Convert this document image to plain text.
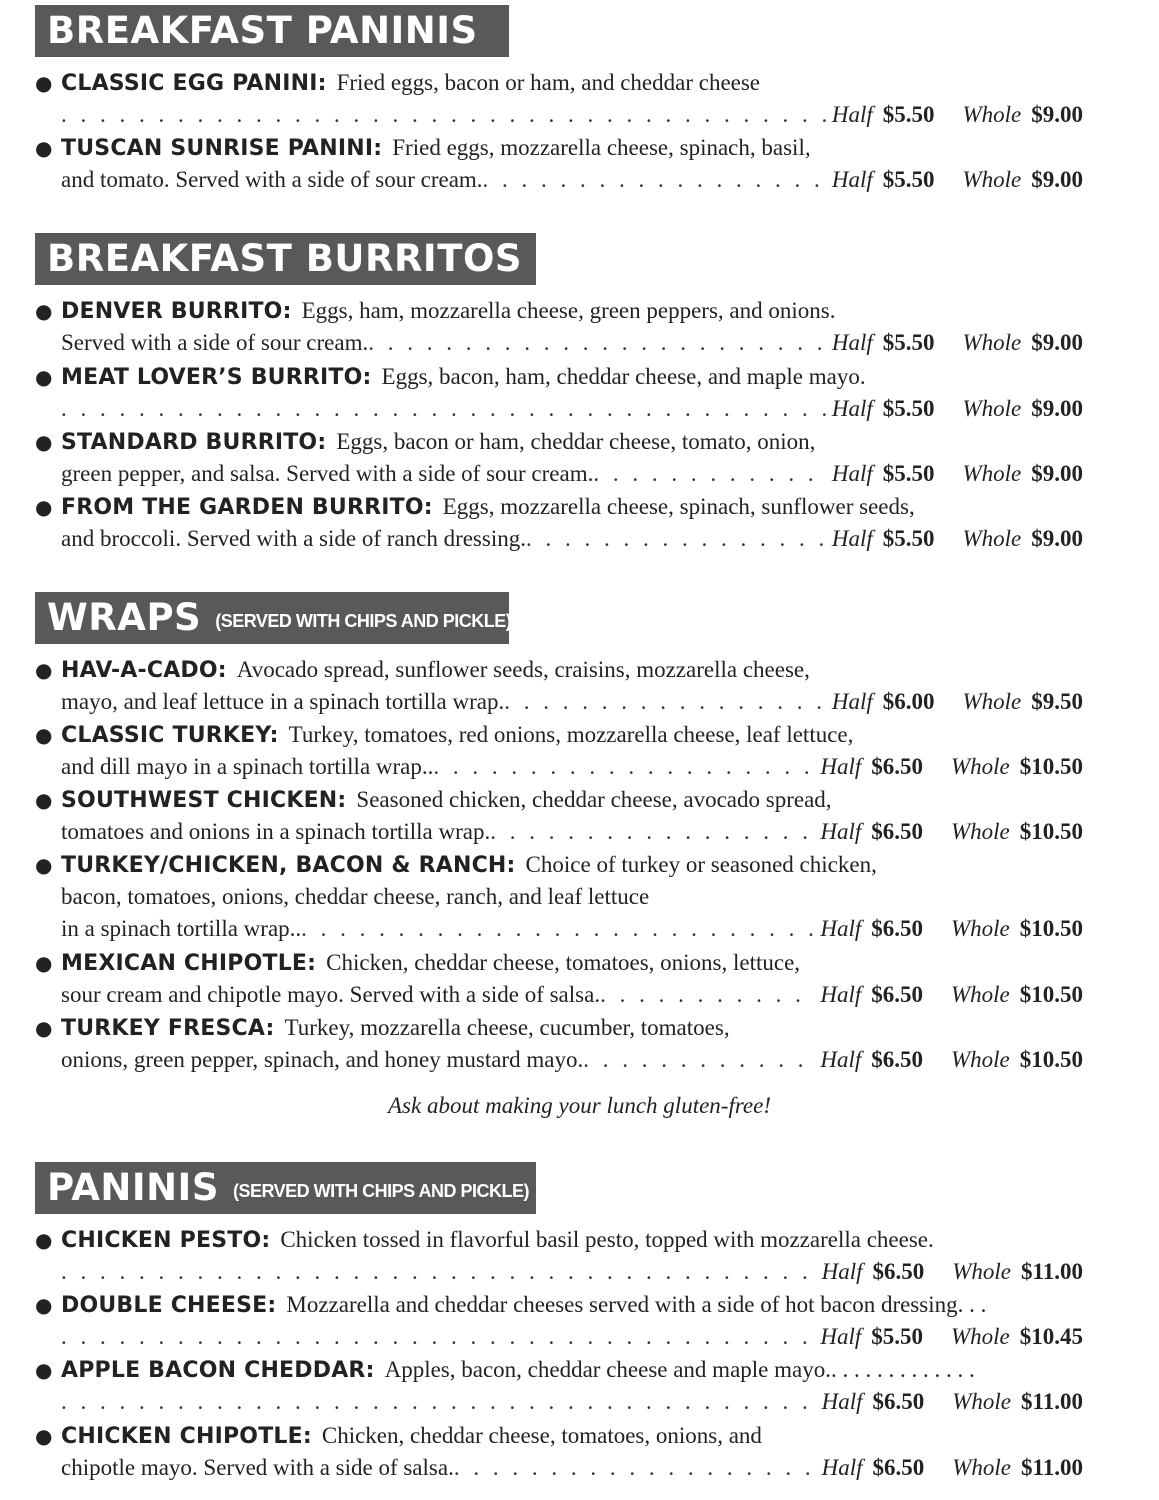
BREAKFAST PANINIS
● CLASSIC EGG PANINI: Fried eggs, bacon or ham, and cheddar cheese
. . .
Half $5.50 Whole $9.00
● TUSCAN SUNRISE PANINI: Fried eggs, mozzarella cheese, spinach, basil,
and tomato. Served with a side of sour cream. . . .	Half $5.50 Whole $9.00
BREAKFAST BURRITOS
● DENVER BURRITO: Eggs, ham, mozzarella cheese, green peppers, and onions.
Served with a side of sour cream. . . .	Half $5.50 Whole $9.00
● MEAT LOVER’S BURRITO: Eggs, bacon, ham, cheddar cheese, and maple mayo.
. . .
Half $5.50 Whole $9.00
● STANDARD BURRITO: Eggs, bacon or ham, cheddar cheese, tomato, onion,
green pepper, and salsa. Served with a side of sour cream. . . .	Half $5.50 Whole $9.00
● FROM THE GARDEN BURRITO: Eggs, mozzarella cheese, spinach, sunflower seeds,
and broccoli. Served with a side of ranch dressing. . . .	Half $5.50 Whole $9.00
WRAPS (SERVED WITH CHIPS AND PICKLE)
● HAV-A-CADO: Avocado spread, sunflower seeds, craisins, mozzarella cheese,
mayo, and leaf lettuce in a spinach tortilla wrap. . . .	Half $6.00 Whole $9.50
● CLASSIC TURKEY: Turkey, tomatoes, red onions, mozzarella cheese, leaf lettuce,
and dill mayo in a spinach tortilla wrap.. . . .	Half $6.50 Whole $10.50
● SOUTHWEST CHICKEN: Seasoned chicken, cheddar cheese, avocado spread,
tomatoes and onions in a spinach tortilla wrap. . . .	Half $6.50 Whole $10.50
● TURKEY/CHICKEN, BACON & RANCH: Choice of turkey or seasoned chicken,
bacon, tomatoes, onions, cheddar cheese, ranch, and leaf lettuce
in a spinach tortilla wrap.. . . .	Half $6.50 Whole $10.50
● MEXICAN CHIPOTLE: Chicken, cheddar cheese, tomatoes, onions, lettuce,
sour cream and chipotle mayo. Served with a side of salsa. . . .	Half $6.50 Whole $10.50
● TURKEY FRESCA: Turkey, mozzarella cheese, cucumber, tomatoes,
onions, green pepper, spinach, and honey mustard mayo. . . .	Half $6.50 Whole $10.50
Ask about making your lunch gluten-free!
PANINIS (SERVED WITH CHIPS AND PICKLE)
● CHICKEN PESTO: Chicken tossed in flavorful basil pesto, topped with mozzarella cheese.
. . .
Half $6.50 Whole $11.00
● DOUBLE CHEESE: Mozzarella and cheddar cheeses served with a side of hot bacon dressing. . .
. . .
Half $5.50 Whole $10.45
● APPLE BACON CHEDDAR: Apples, bacon, cheddar cheese and maple mayo.. . . . . . . . . . . . .
. . .
Half $6.50 Whole $11.00
● CHICKEN CHIPOTLE: Chicken, cheddar cheese, tomatoes, onions, and
chipotle mayo. Served with a side of salsa. . . .	Half $6.50 Whole $11.00
